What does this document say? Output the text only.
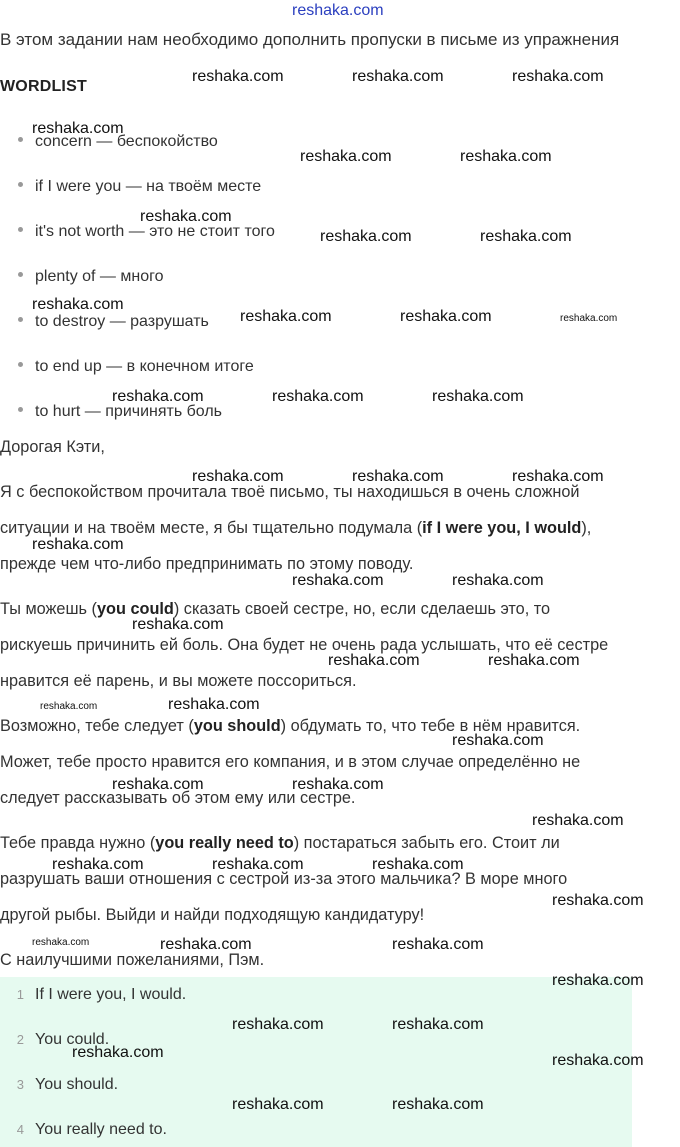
reshaka.com
В этом задании нам необходимо дополнить пропуски в письме из упражнения
WORDLIST
concern — беспокойство
if I were you — на твоём месте
it's not worth — это не стоит того
plenty of — много
to destroy — разрушать
to end up — в конечном итоге
to hurt — причинять боль
Дорогая Кэти,
Я с беспокойством прочитала твоё письмо, ты находишься в очень сложной
ситуации и на твоём месте, я бы тщательно подумала (if I were you, I would),
прежде чем что-либо предпринимать по этому поводу.
Ты можешь (you could) сказать своей сестре, но, если сделаешь это, то
рискуешь причинить ей боль. Она будет не очень рада услышать, что её сестре
нравится её парень, и вы можете поссориться.
Возможно, тебе следует (you should) обдумать то, что тебе в нём нравится.
Может, тебе просто нравится его компания, и в этом случае определённо не
следует рассказывать об этом ему или сестре.
Тебе правда нужно (you really need to) постараться забыть его. Стоит ли
разрушать ваши отношения с сестрой из-за этого мальчика? В море много
другой рыбы. Выйди и найди подходящую кандидатуру!
С наилучшими пожеланиями, Пэм.
1 If I were you, I would.
2 You could.
3 You should.
4 You really need to.
reshaka.com	reshaka.com	reshaka.com
reshaka.com
reshaka.com	reshaka.com
reshaka.com
reshaka.com	reshaka.com
reshaka.com
reshaka.com	reshaka.com	reshaka.com
reshaka.com	reshaka.com	reshaka.com
reshaka.com	reshaka.com	reshaka.com
reshaka.com
reshaka.com	reshaka.com
reshaka.com
reshaka.com	reshaka.com
reshaka.com	reshaka.com
reshaka.com
reshaka.com	reshaka.com
reshaka.com
reshaka.com	reshaka.com	reshaka.com
reshaka.com
reshaka.com	reshaka.com	reshaka.com
reshaka.com
reshaka.com	reshaka.com
reshaka.com	reshaka.com
reshaka.com	reshaka.com
